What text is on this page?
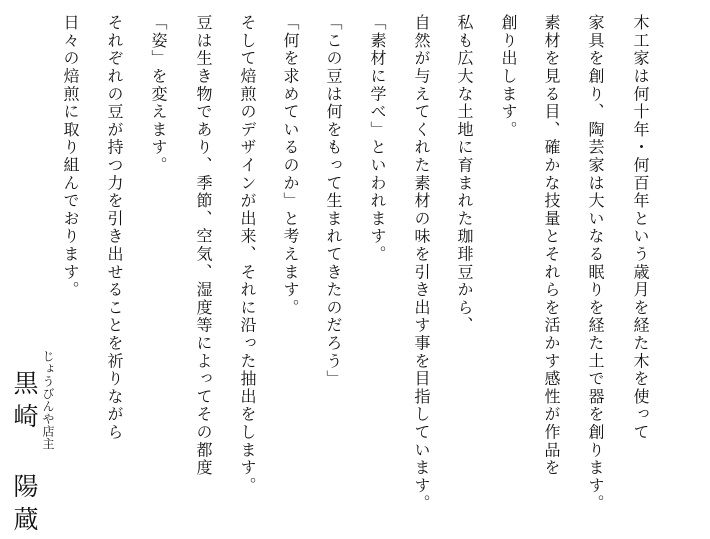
木工家は何十年・何百年という歳月を経た木を使って
家具を創り、陶芸家は大いなる眠りを経た土で器を創ります。
素材を見る目、確かな技量とそれらを活かす感性が作品を
創り出します。
私も広大な土地に育まれた珈琲豆から、
自然が与えてくれた素材の味を引き出す事を目指しています。
「素材に学べ」といわれます。
「この豆は何をもって生まれてきたのだろう」
「何を求めているのか」と考えます。
そして焙煎のデザインが出来、それに沿った抽出をします。
豆は生き物であり、季節、空気、湿度等によってその都度
「姿」を変えます。
それぞれの豆が持つ力を引き出せることを祈りながら
日々の焙煎に取り組んでおります。
じょうびんや店主
黒崎 陽蔵
